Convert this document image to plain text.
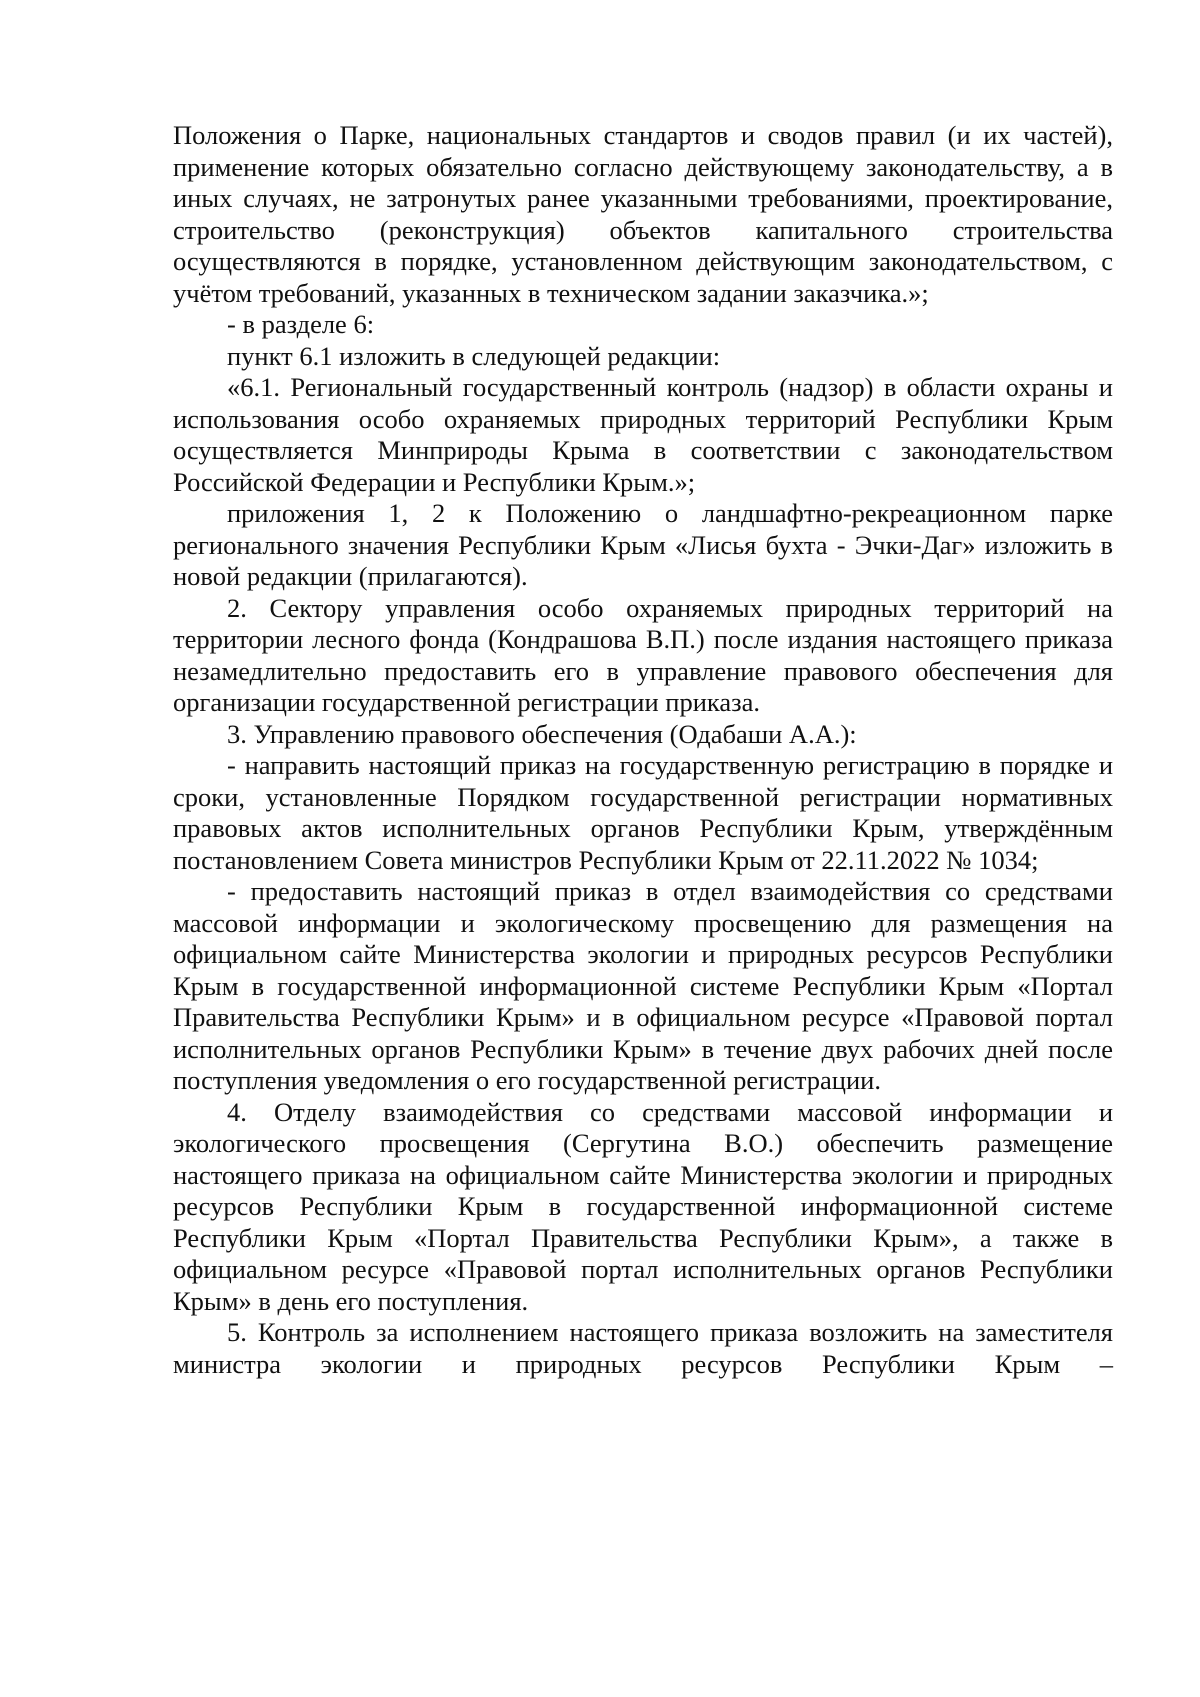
Положения о Парке, национальных стандартов и сводов правил (и их частей), применение которых обязательно согласно действующему законодательству, а в иных случаях, не затронутых ранее указанными требованиями, проектирование, строительство (реконструкция) объектов капитального строительства осуществляются в порядке, установленном действующим законодательством, с учётом требований, указанных в техническом задании заказчика.»;

- в разделе 6:

пункт 6.1 изложить в следующей редакции:

«6.1. Региональный государственный контроль (надзор) в области охраны и использования особо охраняемых природных территорий Республики Крым осуществляется Минприроды Крыма в соответствии с законодательством Российской Федерации и Республики Крым.»;

приложения 1, 2 к Положению о ландшафтно-рекреационном парке регионального значения Республики Крым «Лисья бухта - Эчки-Даг» изложить в новой редакции (прилагаются).

2. Сектору управления особо охраняемых природных территорий на территории лесного фонда (Кондрашова В.П.) после издания настоящего приказа незамедлительно предоставить его в управление правового обеспечения для организации государственной регистрации приказа.

3. Управлению правового обеспечения (Одабаши А.А.):

- направить настоящий приказ на государственную регистрацию в порядке и сроки, установленные Порядком государственной регистрации нормативных правовых актов исполнительных органов Республики Крым, утверждённым постановлением Совета министров Республики Крым от 22.11.2022 № 1034;

- предоставить настоящий приказ в отдел взаимодействия со средствами массовой информации и экологическому просвещению для размещения на официальном сайте Министерства экологии и природных ресурсов Республики Крым в государственной информационной системе Республики Крым «Портал Правительства Республики Крым» и в официальном ресурсе «Правовой портал исполнительных органов Республики Крым» в течение двух рабочих дней после поступления уведомления о его государственной регистрации.

4. Отделу взаимодействия со средствами массовой информации и экологического просвещения (Сергутина В.О.) обеспечить размещение настоящего приказа на официальном сайте Министерства экологии и природных ресурсов Республики Крым в государственной информационной системе Республики Крым «Портал Правительства Республики Крым», а также в официальном ресурсе «Правовой портал исполнительных органов Республики Крым» в день его поступления.

5. Контроль за исполнением настоящего приказа возложить на заместителя министра экологии и природных ресурсов Республики Крым –
